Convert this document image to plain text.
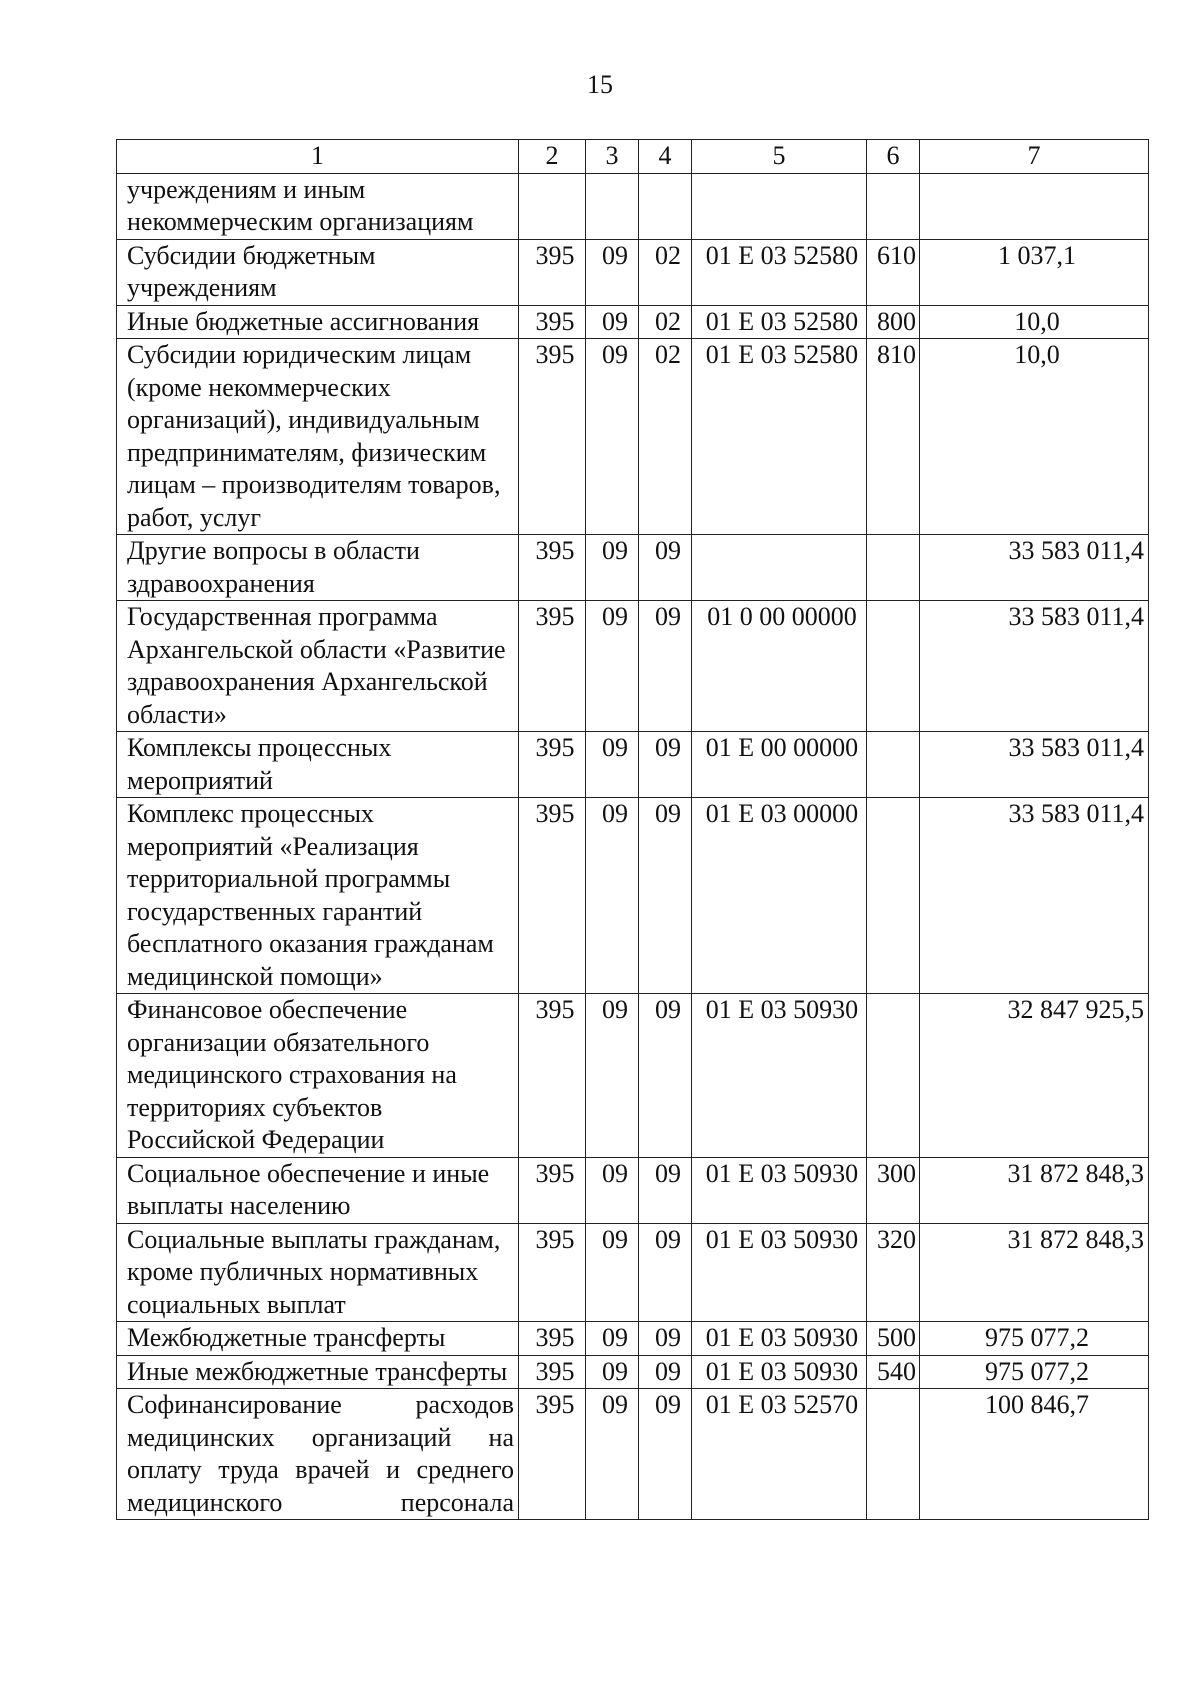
15
1	2	3	4	5	6	7
учреждениям и иным некоммерческим организациям						
Субсидии бюджетным учреждениям	395	09	02	01 Е 03 52580	610	1 037,1
Иные бюджетные ассигнования	395	09	02	01 Е 03 52580	800	10,0
Субсидии юридическим лицам (кроме некоммерческих организаций), индивидуальным предпринимателям, физическим лицам – производителям товаров, работ, услуг	395	09	02	01 Е 03 52580	810	10,0
Другие вопросы в области здравоохранения	395	09	09			33 583 011,4
Государственная программа Архангельской области «Развитие здравоохранения Архангельской области»	395	09	09	01 0 00 00000		33 583 011,4
Комплексы процессных мероприятий	395	09	09	01 Е 00 00000		33 583 011,4
Комплекс процессных мероприятий «Реализация территориальной программы государственных гарантий бесплатного оказания гражданам медицинской помощи»	395	09	09	01 Е 03 00000		33 583 011,4
Финансовое обеспечение организации обязательного медицинского страхования на территориях субъектов Российской Федерации	395	09	09	01 Е 03 50930		32 847 925,5
Социальное обеспечение и иные выплаты населению	395	09	09	01 Е 03 50930	300	31 872 848,3
Социальные выплаты гражданам, кроме публичных нормативных социальных выплат	395	09	09	01 Е 03 50930	320	31 872 848,3
Межбюджетные трансферты	395	09	09	01 Е 03 50930	500	975 077,2
Иные межбюджетные трансферты	395	09	09	01 Е 03 50930	540	975 077,2
Софинансирование расходов медицинских организаций на оплату труда врачей и среднего медицинского персонала	395	09	09	01 Е 03 52570		100 846,7
